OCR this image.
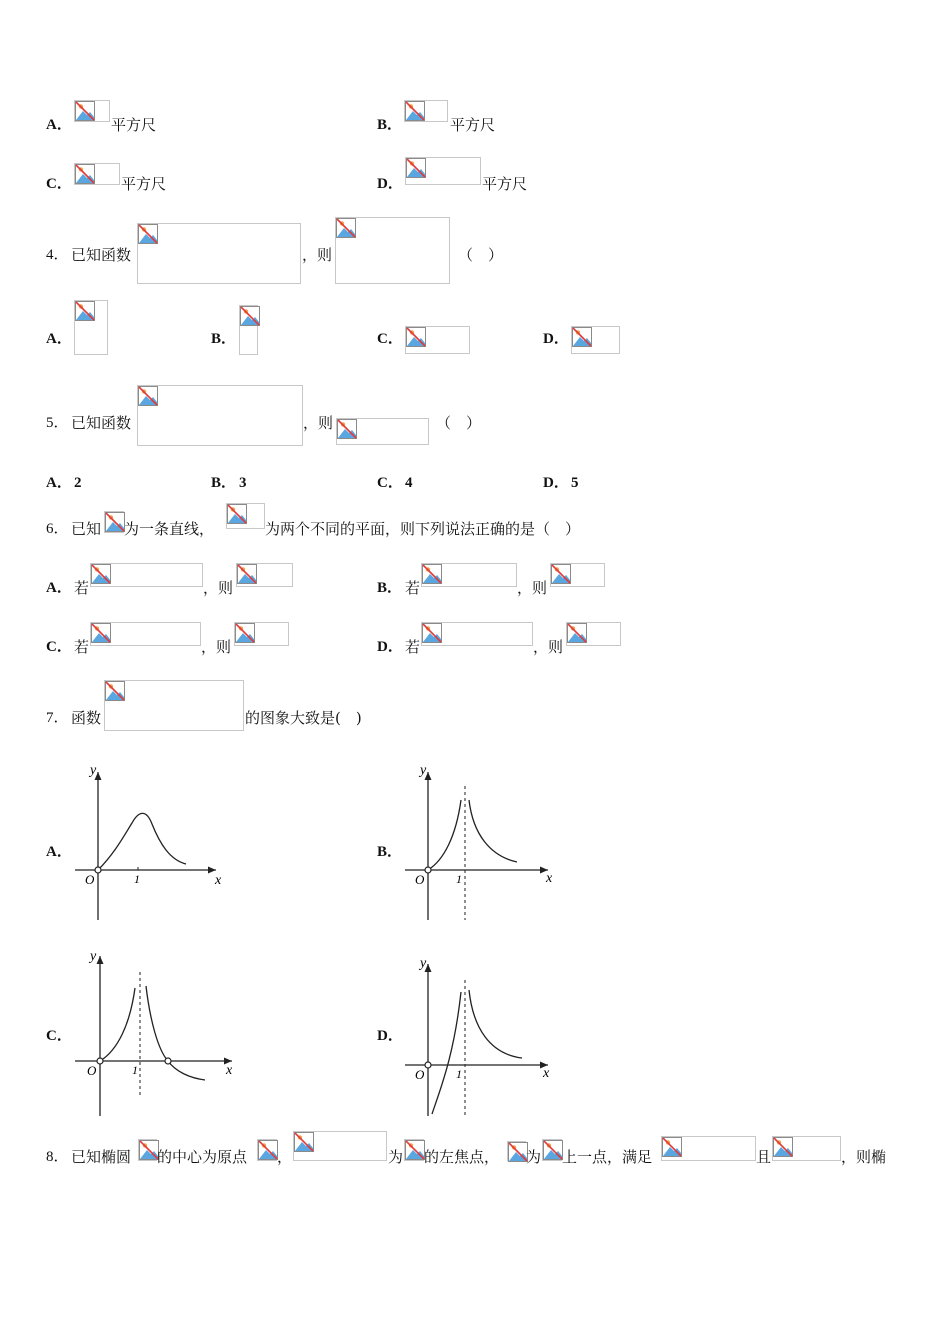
A．	平方尺	B．	平方尺
C．	平方尺	D．	平方尺
4． 已知函数	，则	（　）
A．	B．	C．	D．
5． 已知函数	，则	（　）
A． 2	B． 3	C． 4	D． 5
6． 已知 为一条直线，	为两个不同的平面，则下列说法正确的是（　）
A． 若	，则	B． 若	，则
C． 若	，则	D． 若	，则
7． 函数	的图象大致是(　)
A．
y
x
O	1
B．
y
x
O	1
C．
y
x
O	1
D．
y
x
O	1
8． 已知椭圆 的中心为原点 ，	为 的左焦点， 为 上一点，满足	且	，则椭
